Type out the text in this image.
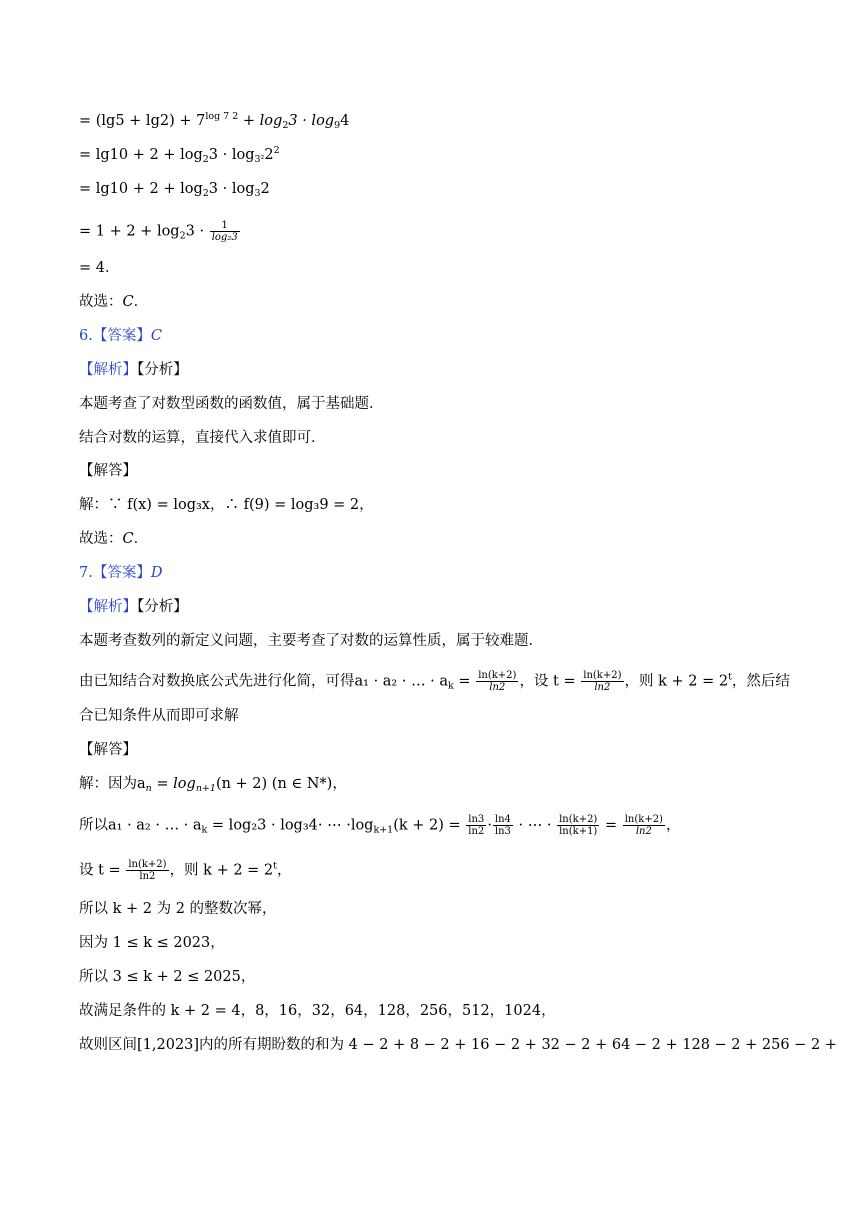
= $(\lg 5 + \lg 2) + 7^{log 7 2} + \log_23 \cdot \log_94$
= $\lg 10 + 2 + \log_23 \cdot \log_{3^2}2^2$
= $\lg 10 + 2 + \log_23 \cdot \log_32$
= $1 + 2 + \log_23 \cdot \frac{1}{\text{log₂3}}$
= 4．
故选：C．
6.【答案】C
【解析】【分析】
本题考查了对数型函数的函数值，属于基础题．
结合对数的运算，直接代入求值即可．
【解答】
解：∵ f(x) = log₃x，∴ f(9) = log₃9 = 2，
故选：C．
7.【答案】D
【解析】【分析】
本题考查数列的新定义问题，主要考查了对数的运算性质，属于较难题．
由已知结合对数换底公式先进行化简，可得a₁ · a₂ · … · $a_k = \frac{\ln(k+2)}{\ln 2}$ ，设 $t = \frac{\ln(k+2)}{\ln 2}$ ，则 $k + 2 = 2^t$，然后结
合已知条件从而即可求解
【解答】
解：因为$a_n = \log_{n+1}(n + 2)$ (n ∈ N*)，
所以a₁ · a₂ · … · $a_k = \log_23 \cdot \log_34\cdot$ ⋯ $\cdot\log_{k+1}(k + 2) = \frac{\ln 3}{\ln 2} \cdot \frac{\ln 4}{\ln 3}$ · ⋯ · $\frac{\ln(k+2)}{\ln(k+1)} = \frac{\ln(k+2)}{\ln 2}$ ，
设 $t = \frac{\ln(k+2)}{\ln 2}$ ，则 $k + 2 = 2^t$，
所以 k + 2 为 2 的整数次幂，
因为 1 ≤ k ≤ 2023，
所以 3 ≤ k + 2 ≤ 2025，
故满足条件的 k + 2 = 4，8，16，32，64，128，256，512，1024，
故则区间[1,2023]内的所有期盼数的和为 4 − 2 + 8 − 2 + 16 − 2 + 32 − 2 + 64 − 2 + 128 − 2 + 256 − 2 +
